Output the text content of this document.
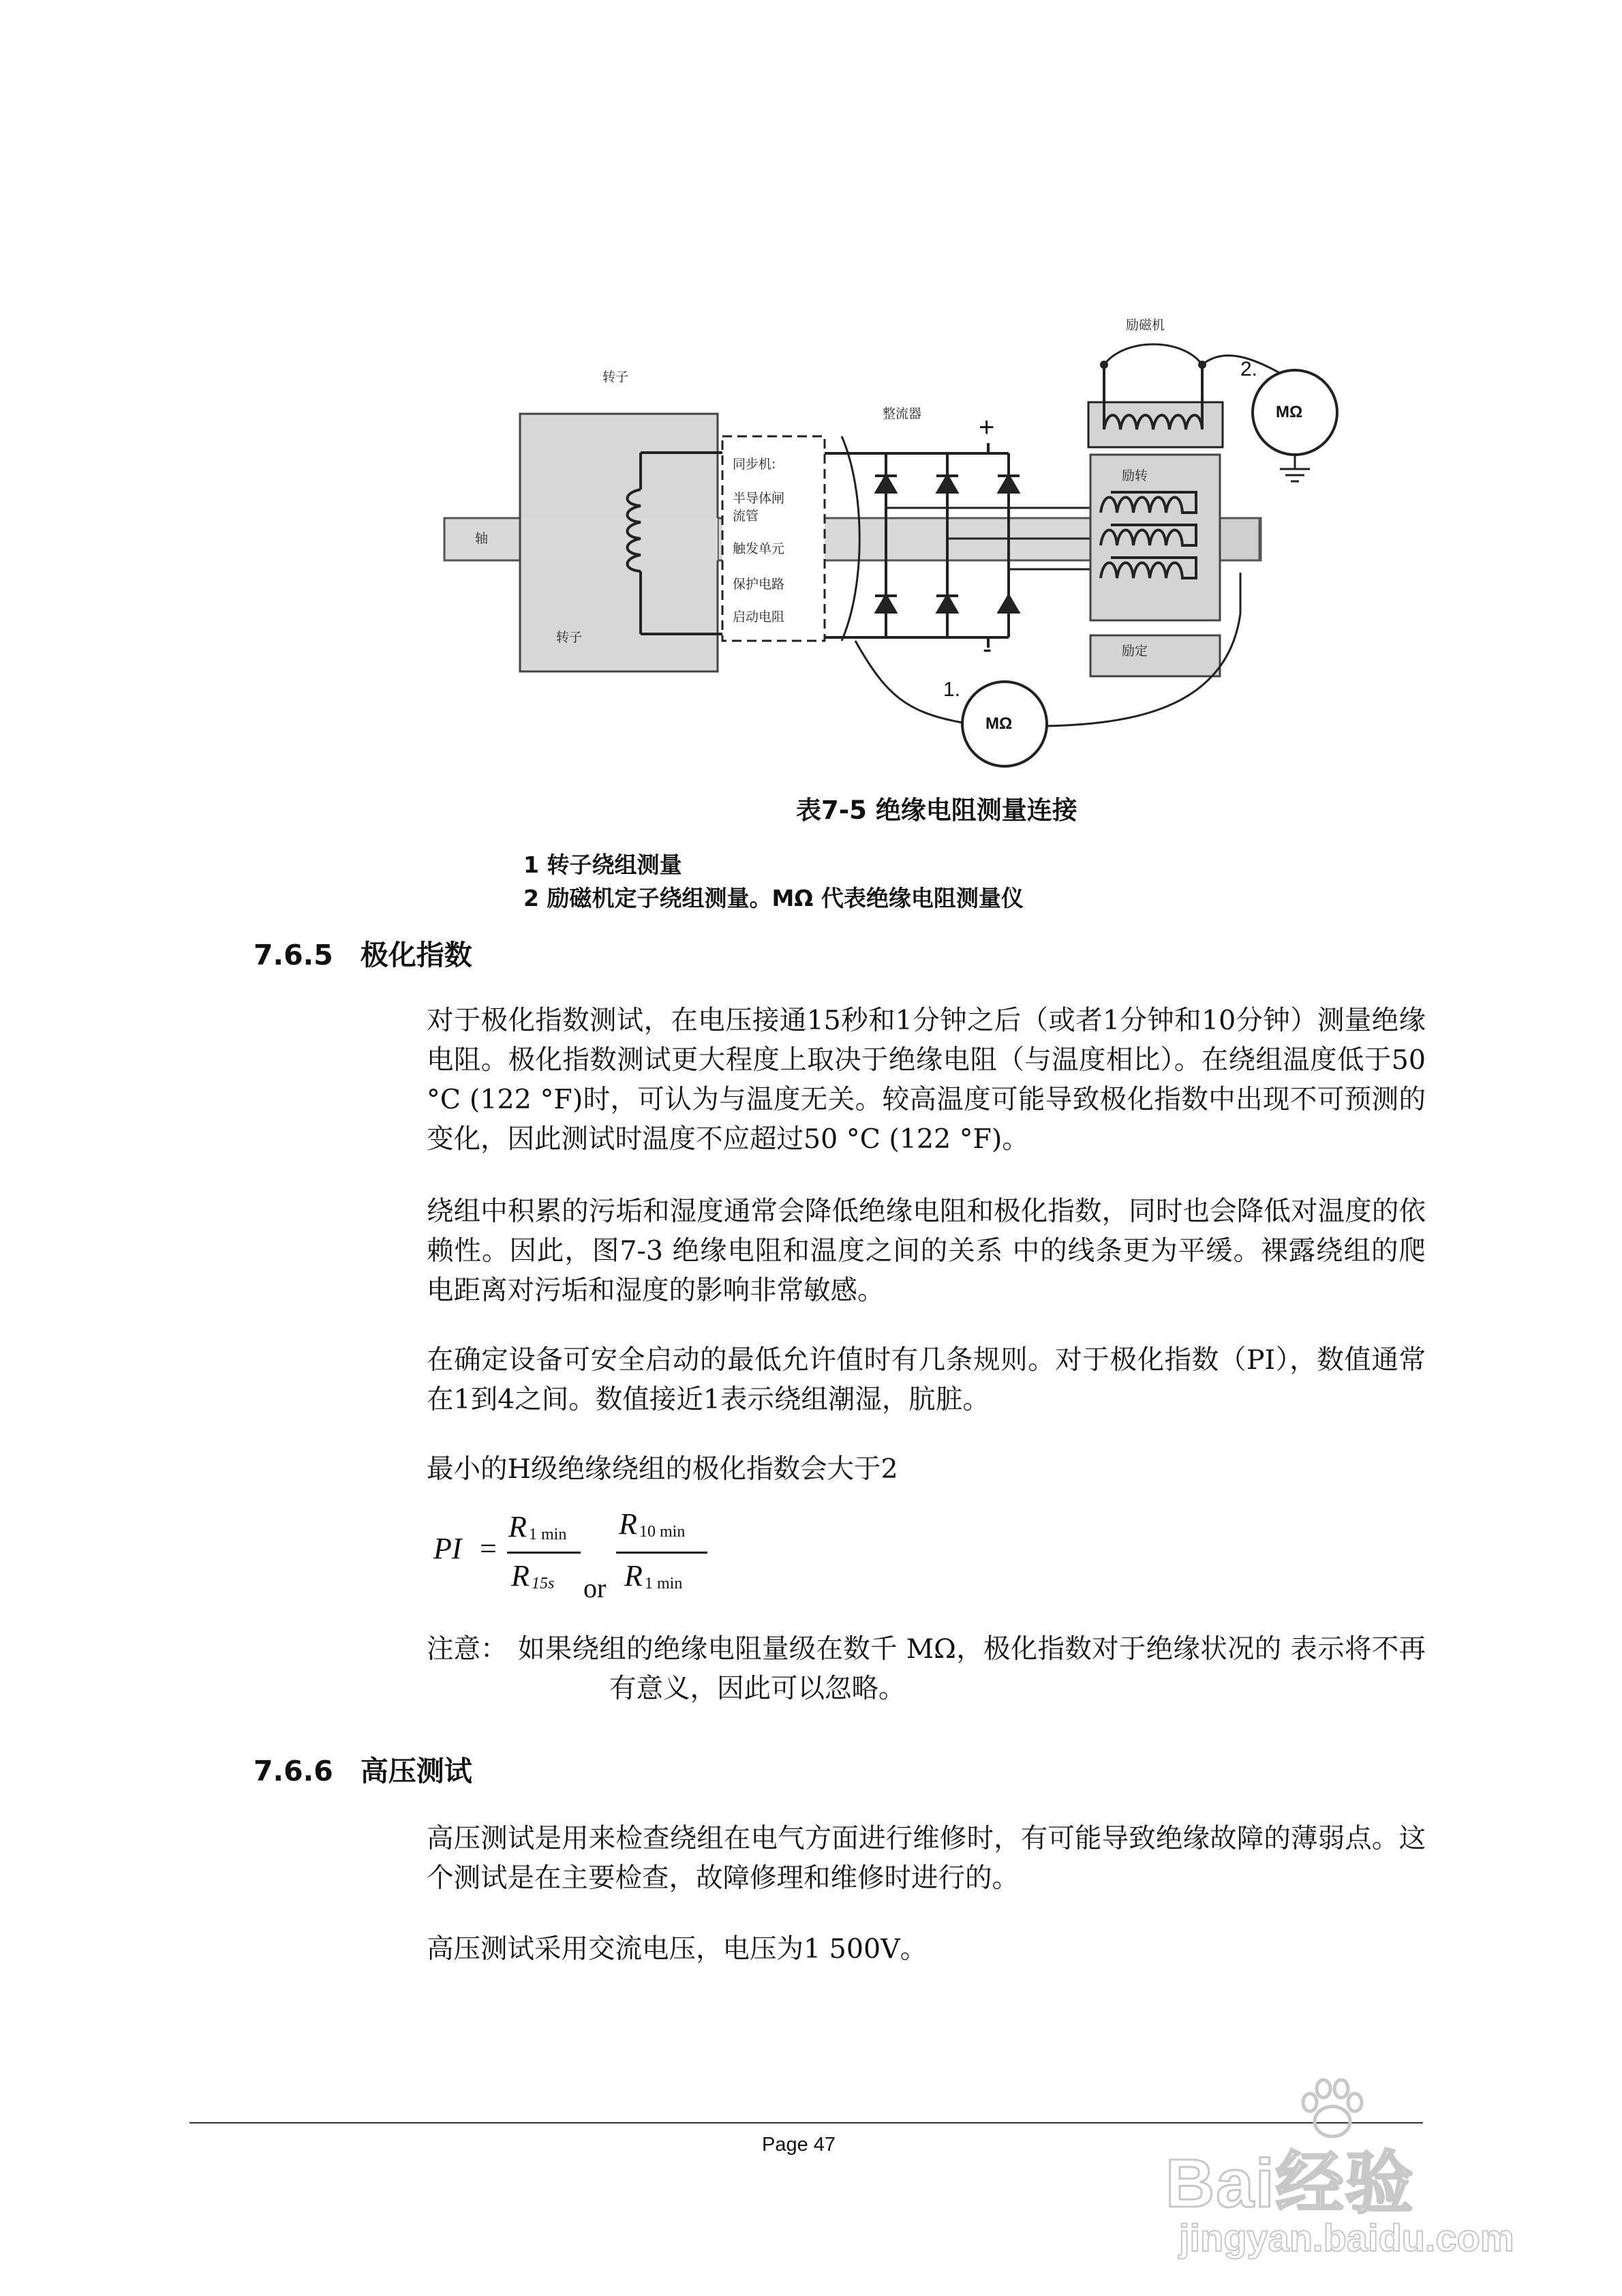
励磁机
转子
整流器
轴
转子
同步机:
半导体闸
流管
触发单元
保护电路
启动电阻
励转
励定
+
-
1.
2.
MΩ
MΩ
表7-5 绝缘电阻测量连接
1 转子绕组测量
2 励磁机定子绕组测量。MΩ 代表绝缘电阻测量仪
7.6.5 极化指数
对于极化指数测试，在电压接通15秒和1分钟之后（或者1分钟和10分钟）测量绝缘电阻。极化指数测试更大程度上取决于绝缘电阻（与温度相比）。在绕组温度低于50 °C (122 °F)时，可认为与温度无关。较高温度可能导致极化指数中出现不可预测的变化，因此测试时温度不应超过50 °C (122 °F)。
绕组中积累的污垢和湿度通常会降低绝缘电阻和极化指数，同时也会降低对温度的依赖性。因此，图7-3 绝缘电阻和温度之间的关系 中的线条更为平缓。裸露绕组的爬电距离对污垢和湿度的影响非常敏感。
在确定设备可安全启动的最低允许值时有几条规则。对于极化指数（PI），数值通常在1到4之间。数值接近1表示绕组潮湿，肮脏。
最小的H级绝缘绕组的极化指数会大于2
PI =
R 1 min
R 15s or
R 10 min
R 1 min
注意： 如果绕组的绝缘电阻量级在数千 MΩ，极化指数对于绝缘状况的 表示将不再有意义，因此可以忽略。
7.6.6 高压测试
高压测试是用来检查绕组在电气方面进行维修时，有可能导致绝缘故障的薄弱点。这个测试是在主要检查，故障修理和维修时进行的。
高压测试采用交流电压，电压为1 500V。
Page 47
Bai经验
jingyan.baidu.com
